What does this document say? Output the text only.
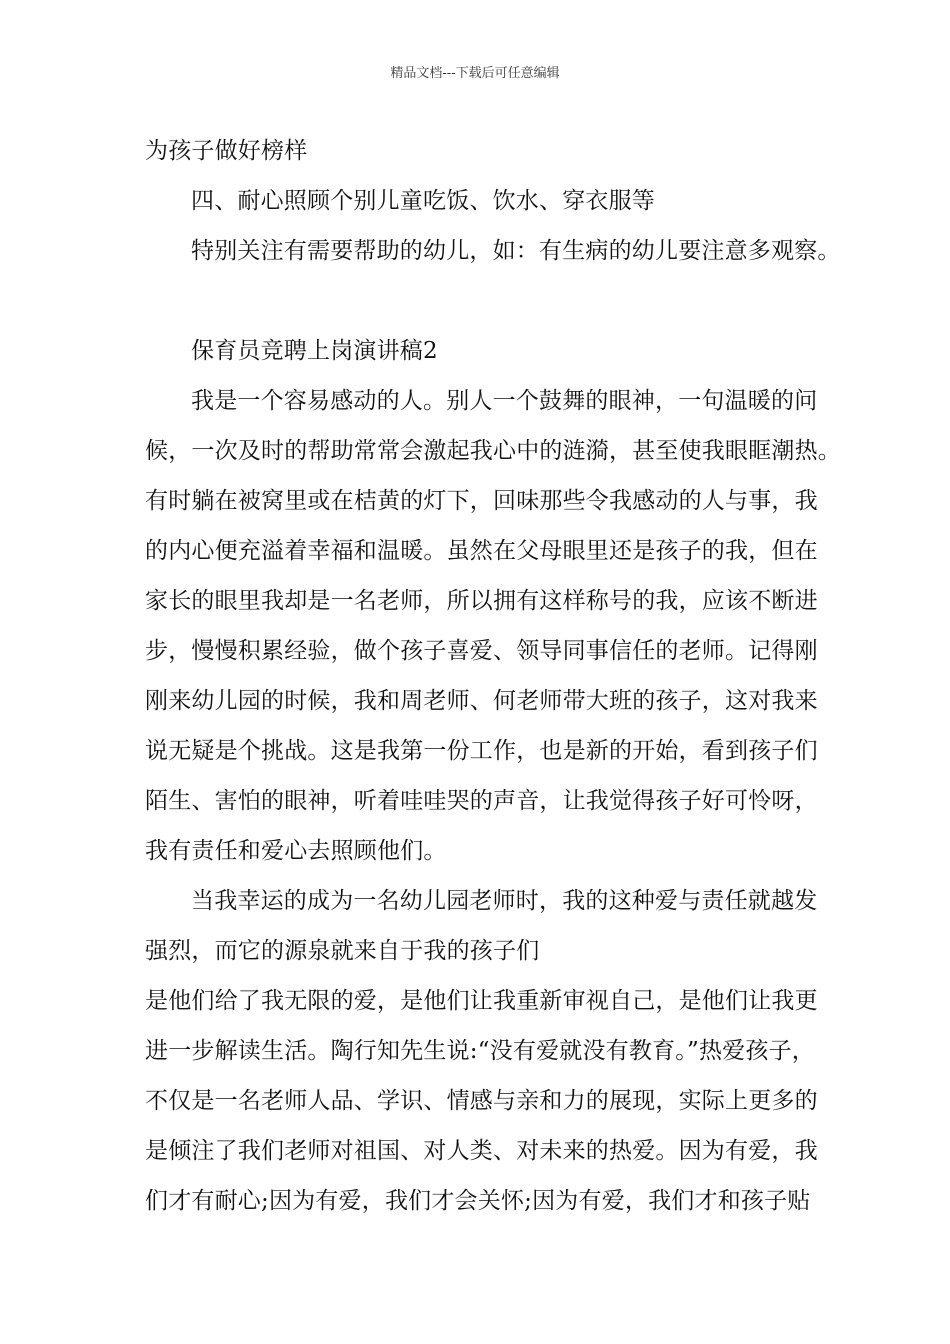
精品文档---下载后可任意编辑
为孩子做好榜样
四、耐心照顾个别儿童吃饭、饮水、穿衣服等
特别关注有需要帮助的幼儿，如：有生病的幼儿要注意多观察。
保育员竞聘上岗演讲稿2
我是一个容易感动的人。别人一个鼓舞的眼神，一句温暖的问
候，一次及时的帮助常常会激起我心中的涟漪，甚至使我眼眶潮热。
有时躺在被窝里或在桔黄的灯下，回味那些令我感动的人与事，我
的内心便充溢着幸福和温暖。虽然在父母眼里还是孩子的我，但在
家长的眼里我却是一名老师，所以拥有这样称号的我，应该不断进
步，慢慢积累经验，做个孩子喜爱、领导同事信任的老师。记得刚
刚来幼儿园的时候，我和周老师、何老师带大班的孩子，这对我来
说无疑是个挑战。这是我第一份工作，也是新的开始，看到孩子们
陌生、害怕的眼神，听着哇哇哭的声音，让我觉得孩子好可怜呀，
我有责任和爱心去照顾他们。
当我幸运的成为一名幼儿园老师时，我的这种爱与责任就越发
强烈，而它的源泉就来自于我的孩子们
是他们给了我无限的爱，是他们让我重新审视自己，是他们让我更
进一步解读生活。陶行知先生说:“没有爱就没有教育。”热爱孩子，
不仅是一名老师人品、学识、情感与亲和力的展现，实际上更多的
是倾注了我们老师对祖国、对人类、对未来的热爱。因为有爱，我
们才有耐心;因为有爱，我们才会关怀;因为有爱，我们才和孩子贴
